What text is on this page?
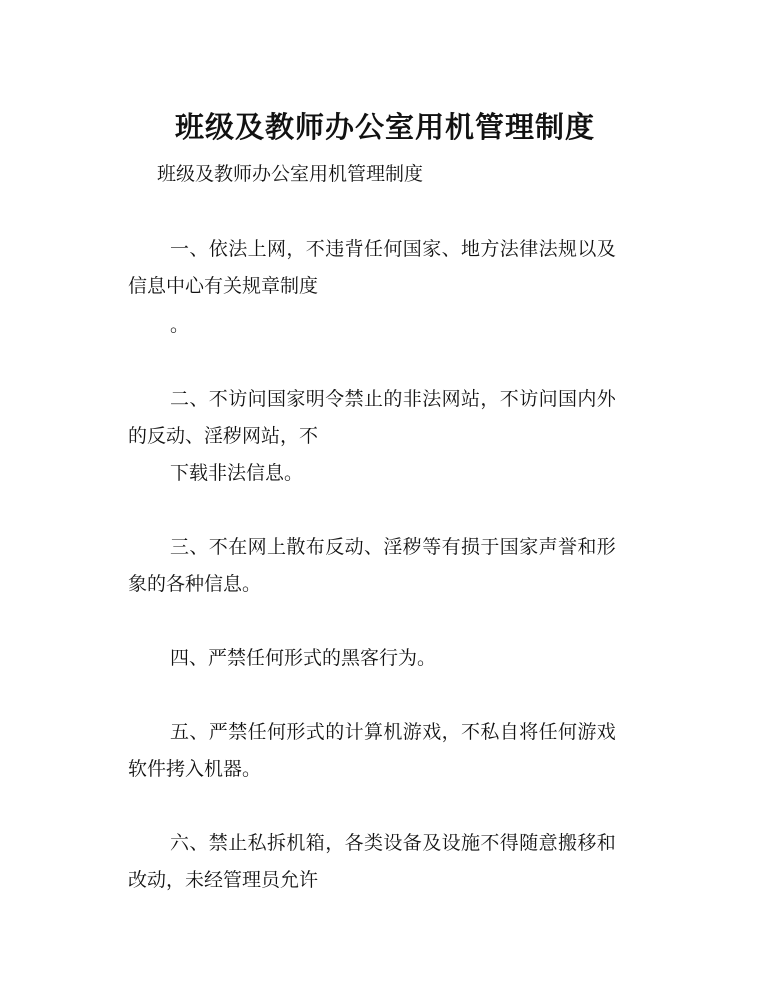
班级及教师办公室用机管理制度

班级及教师办公室用机管理制度

一、依法上网，不违背任何国家、地方法律法规以及

信息中心有关规章制度

。

二、不访问国家明令禁止的非法网站，不访问国内外

的反动、淫秽网站，不

下载非法信息。

三、不在网上散布反动、淫秽等有损于国家声誉和形

象的各种信息。

四、严禁任何形式的黑客行为。

五、严禁任何形式的计算机游戏，不私自将任何游戏

软件拷入机器。

六、禁止私拆机箱，各类设备及设施不得随意搬移和

改动，未经管理员允许
